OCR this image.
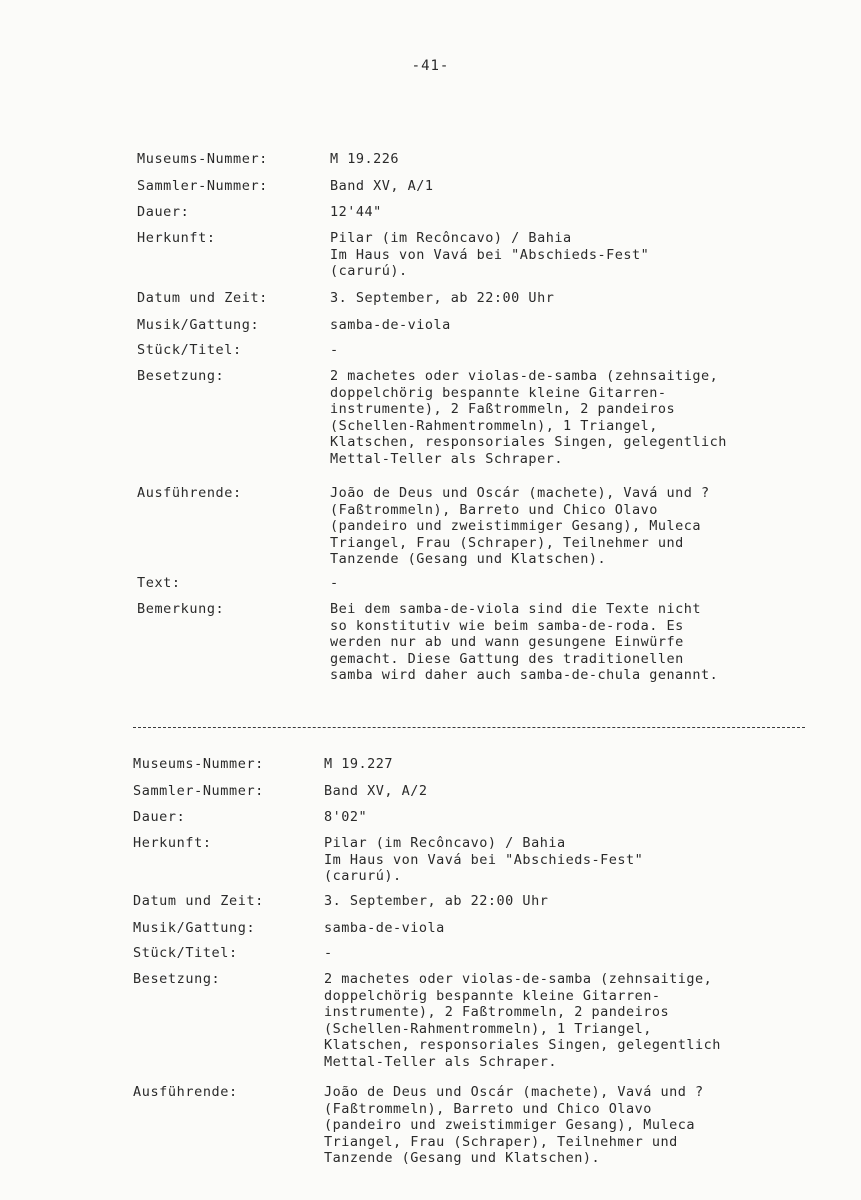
-41-
Museums-Nummer:	M 19.226
Sammler-Nummer:	Band XV, A/1
Dauer:	12'44"
Herkunft:	Pilar (im Recôncavo) / Bahia
Im Haus von Vavá bei "Abschieds-Fest"
(carurú).
Datum und Zeit:	3. September, ab 22:00 Uhr
Musik/Gattung:	samba-de-viola
Stück/Titel:	-
Besetzung:	2 machetes oder violas-de-samba (zehnsaitige,
doppelchörig bespannte kleine Gitarren-
instrumente), 2 Faßtrommeln, 2 pandeiros
(Schellen-Rahmentrommeln), 1 Triangel,
Klatschen, responsoriales Singen, gelegentlich
Mettal-Teller als Schraper.
Ausführende:	João de Deus und Oscár (machete), Vavá und ?
(Faßtrommeln), Barreto und Chico Olavo
(pandeiro und zweistimmiger Gesang), Muleca
Triangel, Frau (Schraper), Teilnehmer und
Tanzende (Gesang und Klatschen).
Text:	-
Bemerkung:	Bei dem samba-de-viola sind die Texte nicht
so konstitutiv wie beim samba-de-roda. Es
werden nur ab und wann gesungene Einwürfe
gemacht. Diese Gattung des traditionellen
samba wird daher auch samba-de-chula genannt.
Museums-Nummer:	M 19.227
Sammler-Nummer:	Band XV, A/2
Dauer:	8'02"
Herkunft:	Pilar (im Recôncavo) / Bahia
Im Haus von Vavá bei "Abschieds-Fest"
(carurú).
Datum und Zeit:	3. September, ab 22:00 Uhr
Musik/Gattung:	samba-de-viola
Stück/Titel:	-
Besetzung:	2 machetes oder violas-de-samba (zehnsaitige,
doppelchörig bespannte kleine Gitarren-
instrumente), 2 Faßtrommeln, 2 pandeiros
(Schellen-Rahmentrommeln), 1 Triangel,
Klatschen, responsoriales Singen, gelegentlich
Mettal-Teller als Schraper.
Ausführende:	João de Deus und Oscár (machete), Vavá und ?
(Faßtrommeln), Barreto und Chico Olavo
(pandeiro und zweistimmiger Gesang), Muleca
Triangel, Frau (Schraper), Teilnehmer und
Tanzende (Gesang und Klatschen).
